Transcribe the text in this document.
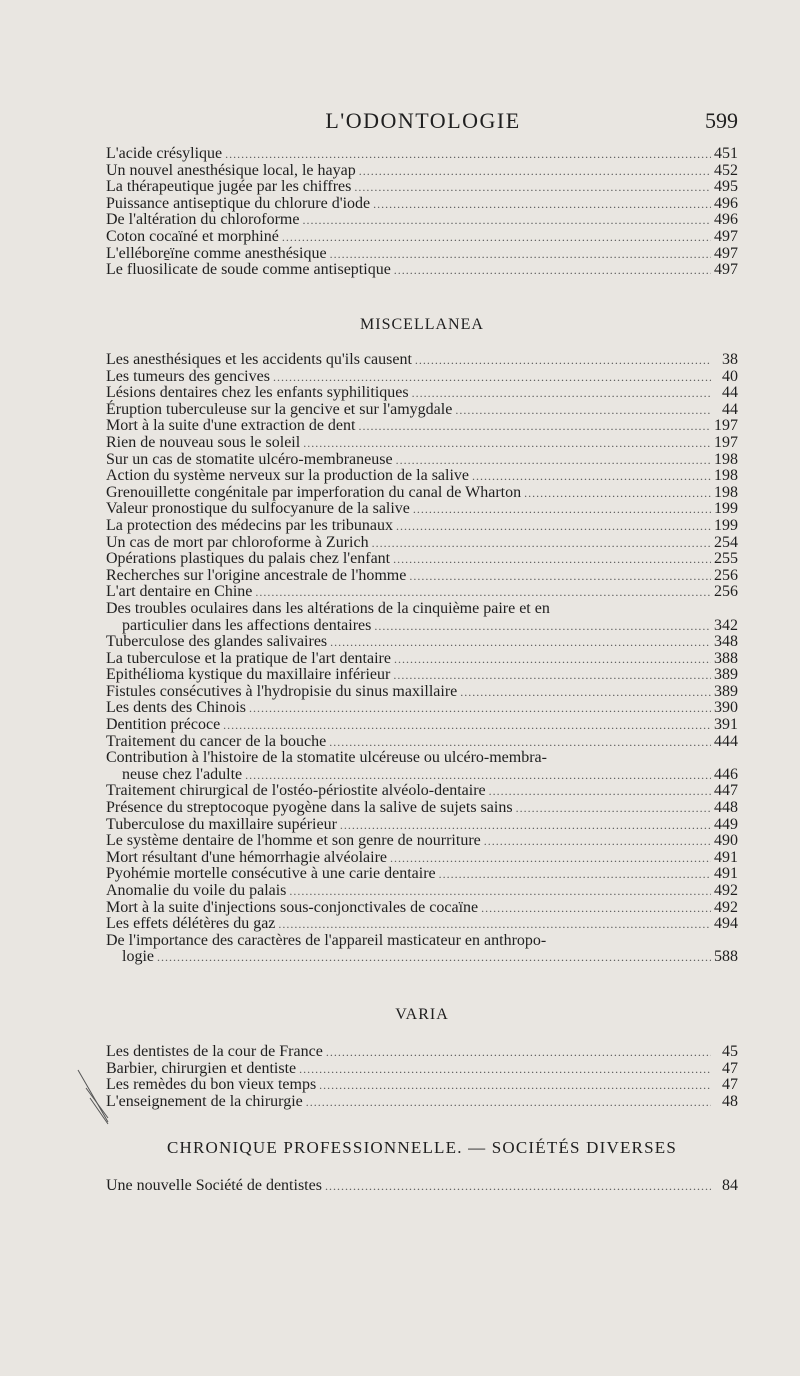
L'ODONTOLOGIE	599
L'acide crésylique .....	451
Un nouvel anesthésique local, le hayap .....	452
La thérapeutique jugée par les chiffres .....	495
Puissance antiseptique du chlorure d'iode .....	496
De l'altération du chloroforme .....	496
Coton cocaïné et morphiné .....	497
L'ellébore̱ïne comme anesthésique .....	497
Le fluosilicate de soude comme antiseptique .....	497
MISCELLANEA
Les anesthésiques et les accidents qu'ils causent .....	38
Les tumeurs des gencives .....	40
Lésions dentaires chez les enfants syphilitiques .....	44
Éruption tuberculeuse sur la gencive et sur l'amygdale .....	44
Mort à la suite d'une extraction de dent .....	197
Rien de nouveau sous le soleil .....	197
Sur un cas de stomatite ulcéro-membraneuse .....	198
Action du système nerveux sur la production de la salive .....	198
Grenouillette congénitale par imperforation du canal de Wharton .....	198
Valeur pronostique du sulfocyanure de la salive .....	199
La protection des médecins par les tribunaux .....	199
Un cas de mort par chloroforme à Zurich .....	254
Opérations plastiques du palais chez l'enfant .....	255
Recherches sur l'origine ancestrale de l'homme .....	256
L'art dentaire en Chine .....	256
Des troubles oculaires dans les altérations de la cinquième paire et en
particulier dans les affections dentaires .....	342
Tuberculose des glandes salivaires .....	348
La tuberculose et la pratique de l'art dentaire .....	388
Epithélioma kystique du maxillaire inférieur .....	389
Fistules consécutives à l'hydropisie du sinus maxillaire .....	389
Les dents des Chinois .....	390
Dentition précoce .....	391
Traitement du cancer de la bouche .....	444
Contribution à l'histoire de la stomatite ulcéreuse ou ulcéro-membra-
neuse chez l'adulte .....	446
Traitement chirurgical de l'ostéo-périostite alvéolo-dentaire .....	447
Présence du streptocoque pyogène dans la salive de sujets sains .....	448
Tuberculose du maxillaire supérieur .....	449
Le système dentaire de l'homme et son genre de nourriture .....	490
Mort résultant d'une hémorrhagie alvéolaire .....	491
Pyohémie mortelle consécutive à une carie dentaire .....	491
Anomalie du voile du palais .....	492
Mort à la suite d'injections sous-conjonctivales de cocaïne .....	492
Les effets délétères du gaz .....	494
De l'importance des caractères de l'appareil masticateur en anthropo-
logie .....	588
VARIA
Les dentistes de la cour de France .....	45
Barbier, chirurgien et dentiste .....	47
Les remèdes du bon vieux temps .....	47
L'enseignement de la chirurgie .....	48
CHRONIQUE PROFESSIONNELLE. — SOCIÉTÉS DIVERSES
Une nouvelle Société de dentistes .....	84
